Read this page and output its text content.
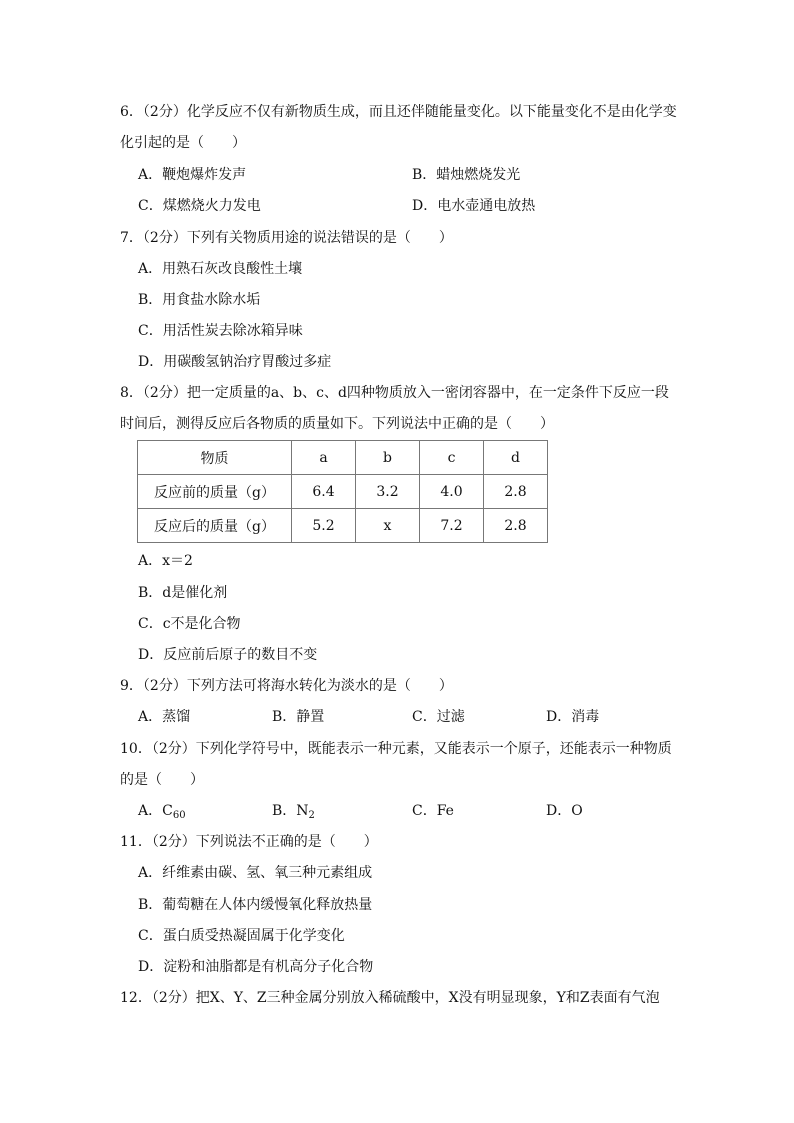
6．（2分）化学反应不仅有新物质生成，而且还伴随能量变化。以下能量变化不是由化学变
化引起的是（　　）
A．鞭炮爆炸发声	B．蜡烛燃烧发光
C．煤燃烧火力发电	D．电水壶通电放热
7．（2分）下列有关物质用途的说法错误的是（　　）
A．用熟石灰改良酸性土壤
B．用食盐水除水垢
C．用活性炭去除冰箱异味
D．用碳酸氢钠治疗胃酸过多症
8．（2分）把一定质量的a、b、c、d四种物质放入一密闭容器中，在一定条件下反应一段
时间后，测得反应后各物质的质量如下。下列说法中正确的是（　　）
物质	a	b	c	d
反应前的质量（g）	6.4	3.2	4.0	2.8
反应后的质量（g）	5.2	x	7.2	2.8
A．x＝2
B．d是催化剂
C．c不是化合物
D．反应前后原子的数目不变
9．（2分）下列方法可将海水转化为淡水的是（　　）
A．蒸馏	B．静置	C．过滤	D．消毒
10．（2分）下列化学符号中，既能表示一种元素，又能表示一个原子，还能表示一种物质
的是（　　）
A．$C_{60}$	B．$N_2$	C．Fe	D．O
11．（2分）下列说法不正确的是（　　）
A．纤维素由碳、氢、氧三种元素组成
B．葡萄糖在人体内缓慢氧化释放热量
C．蛋白质受热凝固属于化学变化
D．淀粉和油脂都是有机高分子化合物
12．（2分）把X、Y、Z三种金属分别放入稀硫酸中，X没有明显现象，Y和Z表面有气泡
